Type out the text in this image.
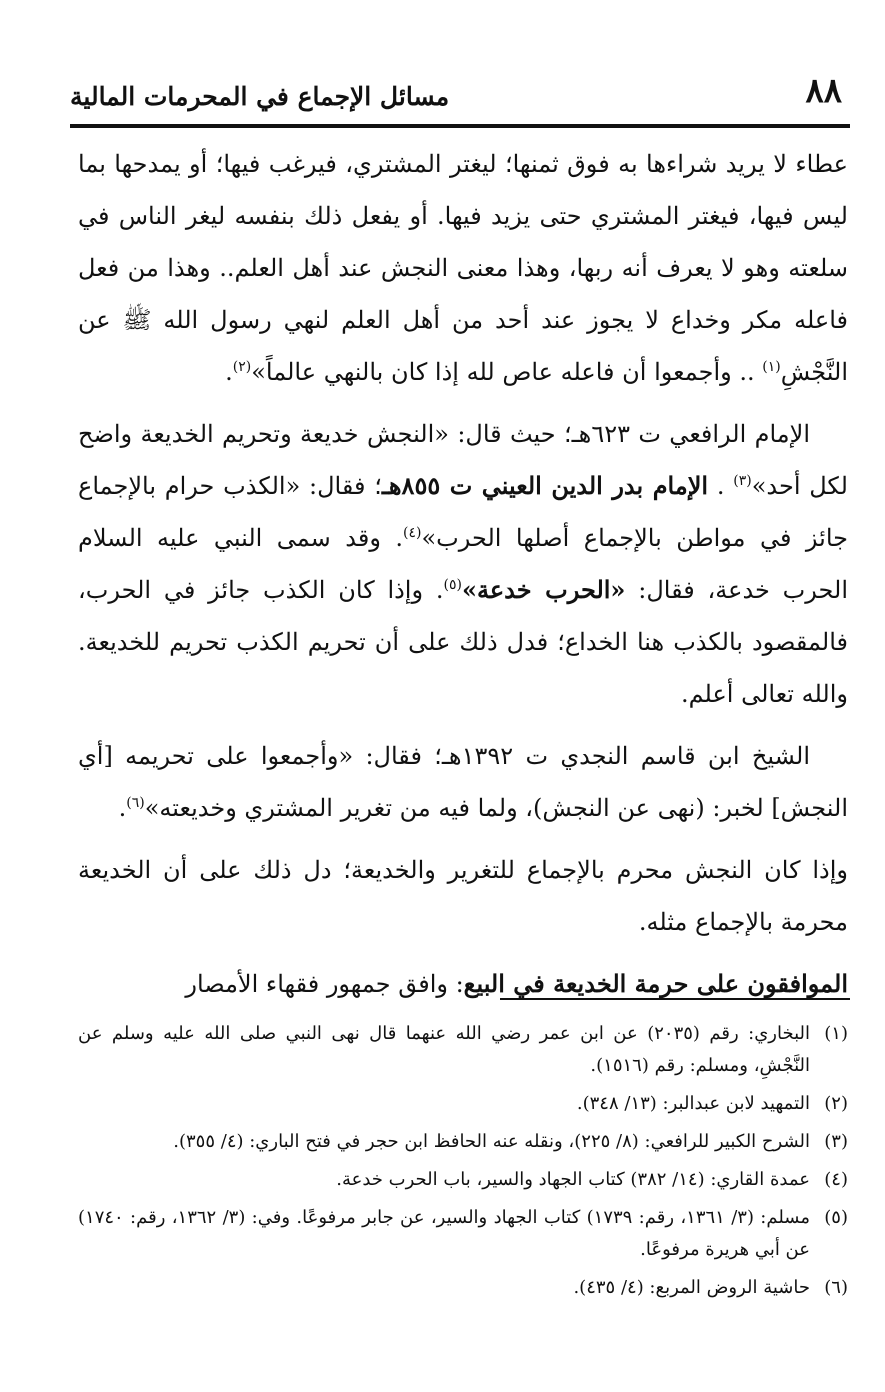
٨٨
مسائل الإجماع في المحرمات المالية

عطاء لا يريد شراءها به فوق ثمنها؛ ليغتر المشتري، فيرغب فيها؛ أو يمدحها بما ليس فيها، فيغتر المشتري حتى يزيد فيها. أو يفعل ذلك بنفسه ليغر الناس في سلعته وهو لا يعرف أنه ربها، وهذا معنى النجش عند أهل العلم.. وهذا من فعل فاعله مكر وخداع لا يجوز عند أحد من أهل العلم لنهي رسول الله ﷺ عن النَّجْشِ$^{(١)}$ .. وأجمعوا أن فاعله عاص لله إذا كان بالنهي عالماً»$^{(٢)}$.

الإمام الرافعي ت ٦٢٣هـ؛ حيث قال: «النجش خديعة وتحريم الخديعة واضح لكل أحد»$^{(٣)}$ . الإمام بدر الدين العيني ت ٨٥٥هـ؛ فقال: «الكذب حرام بالإجماع جائز في مواطن بالإجماع أصلها الحرب»$^{(٤)}$. وقد سمى النبي عليه السلام الحرب خدعة، فقال: «الحرب خدعة»$^{(٥)}$. وإذا كان الكذب جائز في الحرب، فالمقصود بالكذب هنا الخداع؛ فدل ذلك على أن تحريم الكذب تحريم للخديعة. والله تعالى أعلم.

الشيخ ابن قاسم النجدي ت ١٣٩٢هـ؛ فقال: «وأجمعوا على تحريمه [أي النجش] لخبر: (نهى عن النجش)، ولما فيه من تغرير المشتري وخديعته»$^{(٦)}$.

وإذا كان النجش محرم بالإجماع للتغرير والخديعة؛ دل ذلك على أن الخديعة محرمة بالإجماع مثله.

الموافقون على حرمة الخديعة في البيع: وافق جمهور فقهاء الأمصار

(١)
البخاري: رقم (٢٠٣٥) عن ابن عمر رضي الله عنهما قال نهى النبي صلى الله عليه وسلم عن النَّجْشِ، ومسلم: رقم (١٥١٦).
(٢)
التمهيد لابن عبدالبر: (١٣/ ٣٤٨).
(٣)
الشرح الكبير للرافعي: (٨/ ٢٢٥)، ونقله عنه الحافظ ابن حجر في فتح الباري: (٤/ ٣٥٥).
(٤)
عمدة القاري: (١٤/ ٣٨٢) كتاب الجهاد والسير، باب الحرب خدعة.
(٥)
مسلم: (٣/ ١٣٦١، رقم: ١٧٣٩) كتاب الجهاد والسير، عن جابر مرفوعًا. وفي: (٣/ ١٣٦٢، رقم: ١٧٤٠) عن أبي هريرة مرفوعًا.
(٦)
حاشية الروض المربع: (٤/ ٤٣٥).
